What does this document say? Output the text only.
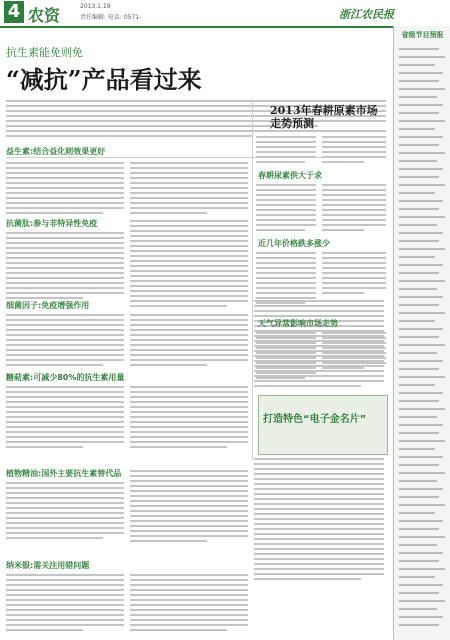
4 农资	2013.1.19
责任编辑: 电话: 0571-	浙江农民报
抗生素能免则免
“减抗”产品看过来
益生素:结合益化则效果更好
抗菌肽:参与非特异性免疫
细菌因子:免疫增强作用
糖萜素:可减少80%的抗生素用量
植物精油:国外主要抗生素替代品
纳米银:需关注用错问题
2013年春耕原素市场走势预测
春耕尿素供大于求
近几年价格跌多涨少
天气异常影响市场走势
打造特色“电子金名片”
省级节目预报
